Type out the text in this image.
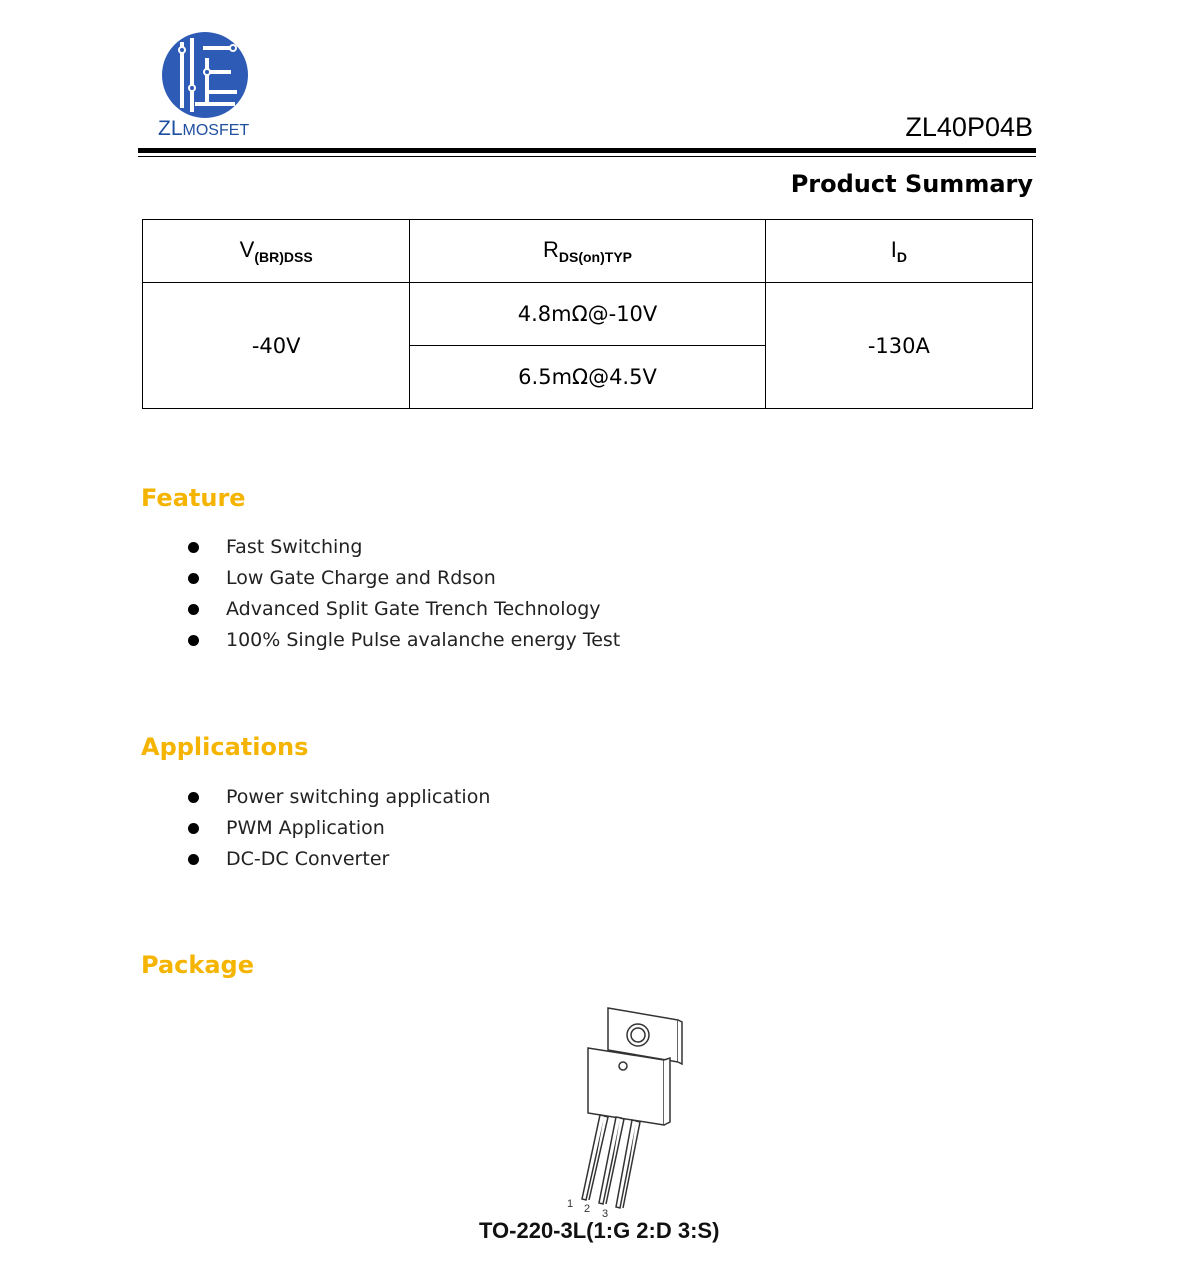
ZLMOSFET	ZL40P04B
Product Summary
$V_{(BR)DSS}$	$R_{DS(on)TYP}$	$I_D$
-40V	4.8mΩ@-10V	-130A
	6.5mΩ@4.5V	
Feature
Fast Switching
Low Gate Charge and Rdson
Advanced Split Gate Trench Technology
100% Single Pulse avalanche energy Test
Applications
Power switching application
PWM Application
DC-DC Converter
Package
1 2 3
TO-220-3L(1:G 2:D 3:S)
